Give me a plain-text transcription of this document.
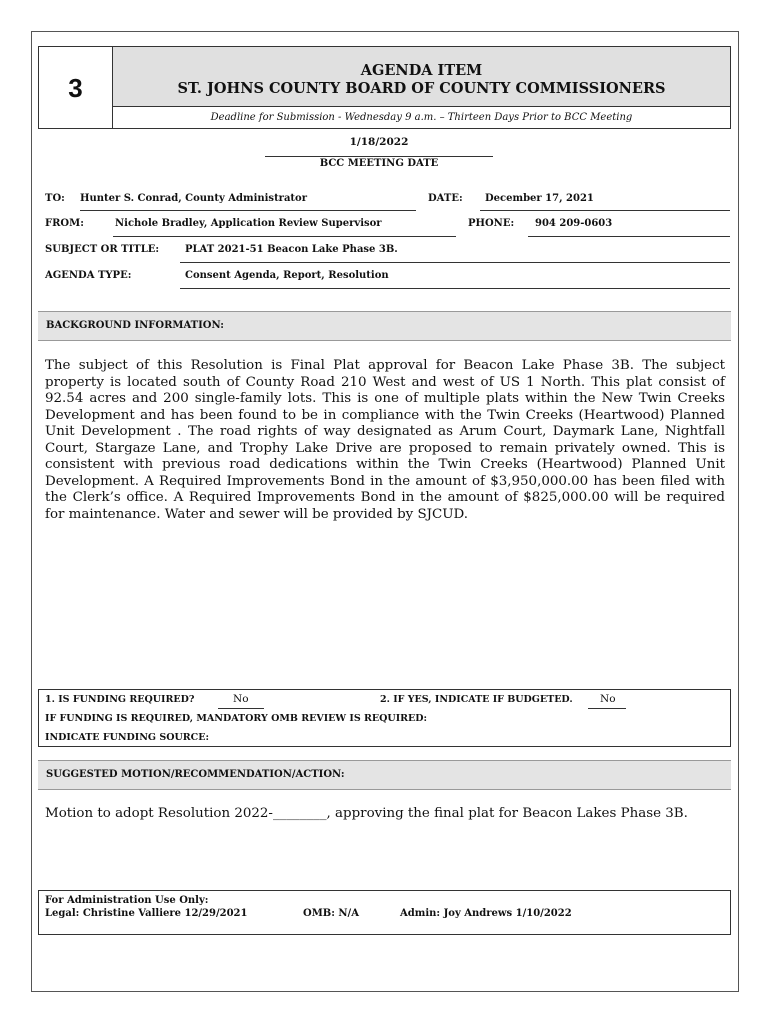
3
AGENDA ITEM
ST. JOHNS COUNTY BOARD OF COUNTY COMMISSIONERS
Deadline for Submission - Wednesday 9 a.m. – Thirteen Days Prior to BCC Meeting
1/18/2022
BCC MEETING DATE
TO: Hunter S. Conrad, County Administrator	DATE: December 17, 2021
FROM:	Nichole Bradley, Application Review Supervisor	PHONE: 904 209-0603
SUBJECT OR TITLE:	PLAT 2021-51 Beacon Lake Phase 3B.
AGENDA TYPE:	Consent Agenda, Report, Resolution
BACKGROUND INFORMATION:
The subject of this Resolution is Final Plat approval for Beacon Lake Phase 3B. The subject property is located south of County Road 210 West and west of US 1 North. This plat consist of 92.54 acres and 200 single-family lots. This is one of multiple plats within the New Twin Creeks Development and has been found to be in compliance with the Twin Creeks (Heartwood) Planned Unit Development . The road rights of way designated as Arum Court, Daymark Lane, Nightfall Court, Stargaze Lane, and Trophy Lake Drive are proposed to remain privately owned. This is consistent with previous road dedications within the Twin Creeks (Heartwood) Planned Unit Development. A Required Improvements Bond in the amount of $3,950,000.00 has been filed with the Clerk’s office. A Required Improvements Bond in the amount of $825,000.00 will be required for maintenance. Water and sewer will be provided by SJCUD.
1. IS FUNDING REQUIRED?	No	2. IF YES, INDICATE IF BUDGETED.	No
IF FUNDING IS REQUIRED, MANDATORY OMB REVIEW IS REQUIRED:
INDICATE FUNDING SOURCE:
SUGGESTED MOTION/RECOMMENDATION/ACTION:
Motion to adopt Resolution 2022-________, approving the final plat for Beacon Lakes Phase 3B.
For Administration Use Only:
Legal: Christine Valliere 12/29/2021	OMB: N/A	Admin: Joy Andrews 1/10/2022
